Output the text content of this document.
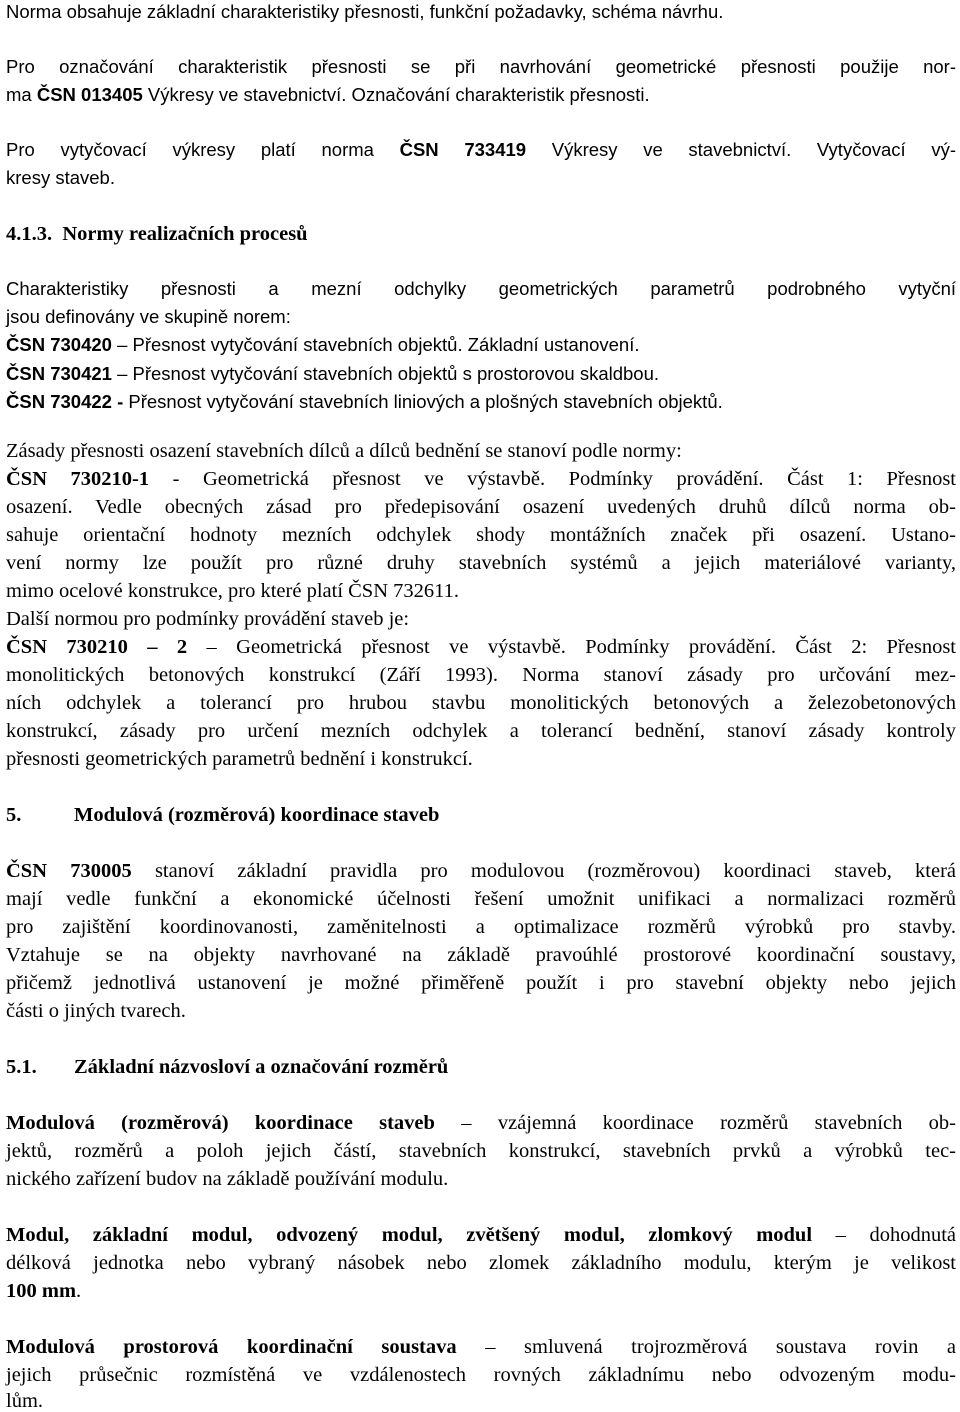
Norma obsahuje základní charakteristiky přesnosti, funkční požadavky, schéma návrhu.
Pro označování charakteristik přesnosti se při navrhování geometrické přesnosti použije nor-
ma ČSN 013405 Výkresy ve stavebnictví. Označování charakteristik přesnosti.
Pro vytyčovací výkresy platí norma ČSN 733419 Výkresy ve stavebnictví. Vytyčovací vý-
kresy staveb.
4.1.3. Normy realizačních procesů
Charakteristiky přesnosti a mezní odchylky geometrických parametrů podrobného vytyční
jsou definovány ve skupině norem:
ČSN 730420 – Přesnost vytyčování stavebních objektů. Základní ustanovení.
ČSN 730421 – Přesnost vytyčování stavebních objektů s prostorovou skaldbou.
ČSN 730422 - Přesnost vytyčování stavebních liniových a plošných stavebních objektů.
Zásady přesnosti osazení stavebních dílců a dílců bednění se stanoví podle normy:
ČSN 730210-1 - Geometrická přesnost ve výstavbě. Podmínky provádění. Část 1: Přesnost
osazení. Vedle obecných zásad pro předepisování osazení uvedených druhů dílců norma ob-
sahuje orientační hodnoty mezních odchylek shody montážních značek při osazení. Ustano-
vení normy lze použít pro různé druhy stavebních systémů a jejich materiálové varianty,
mimo ocelové konstrukce, pro které platí ČSN 732611.
Další normou pro podmínky provádění staveb je:
ČSN 730210 – 2 – Geometrická přesnost ve výstavbě. Podmínky provádění. Část 2: Přesnost
monolitických betonových konstrukcí (Září 1993). Norma stanoví zásady pro určování mez-
ních odchylek a tolerancí pro hrubou stavbu monolitických betonových a železobetonových
konstrukcí, zásady pro určení mezních odchylek a tolerancí bednění, stanoví zásady kontroly
přesnosti geometrických parametrů bednění i konstrukcí.
5.	Modulová (rozměrová) koordinace staveb
ČSN 730005 stanoví základní pravidla pro modulovou (rozměrovou) koordinaci staveb, která
mají vedle funkční a ekonomické účelnosti řešení umožnit unifikaci a normalizaci rozměrů
pro zajištění koordinovanosti, zaměnitelnosti a optimalizace rozměrů výrobků pro stavby.
Vztahuje se na objekty navrhované na základě pravoúhlé prostorové koordinační soustavy,
přičemž jednotlivá ustanovení je možné přiměřeně použít i pro stavební objekty nebo jejich
části o jiných tvarech.
5.1. Základní názvosloví a označování rozměrů
Modulová (rozměrová) koordinace staveb – vzájemná koordinace rozměrů stavebních ob-
jektů, rozměrů a poloh jejich částí, stavebních konstrukcí, stavebních prvků a výrobků tec-
nického zařízení budov na základě používání modulu.
Modul, základní modul, odvozený modul, zvětšený modul, zlomkový modul – dohodnutá
délková jednotka nebo vybraný násobek nebo zlomek základního modulu, kterým je velikost
100 mm.
Modulová prostorová koordinační soustava – smluvená trojrozměrová soustava rovin a
jejich průsečnic rozmístěná ve vzdálenostech rovných základnímu nebo odvozeným modu-
lům.
